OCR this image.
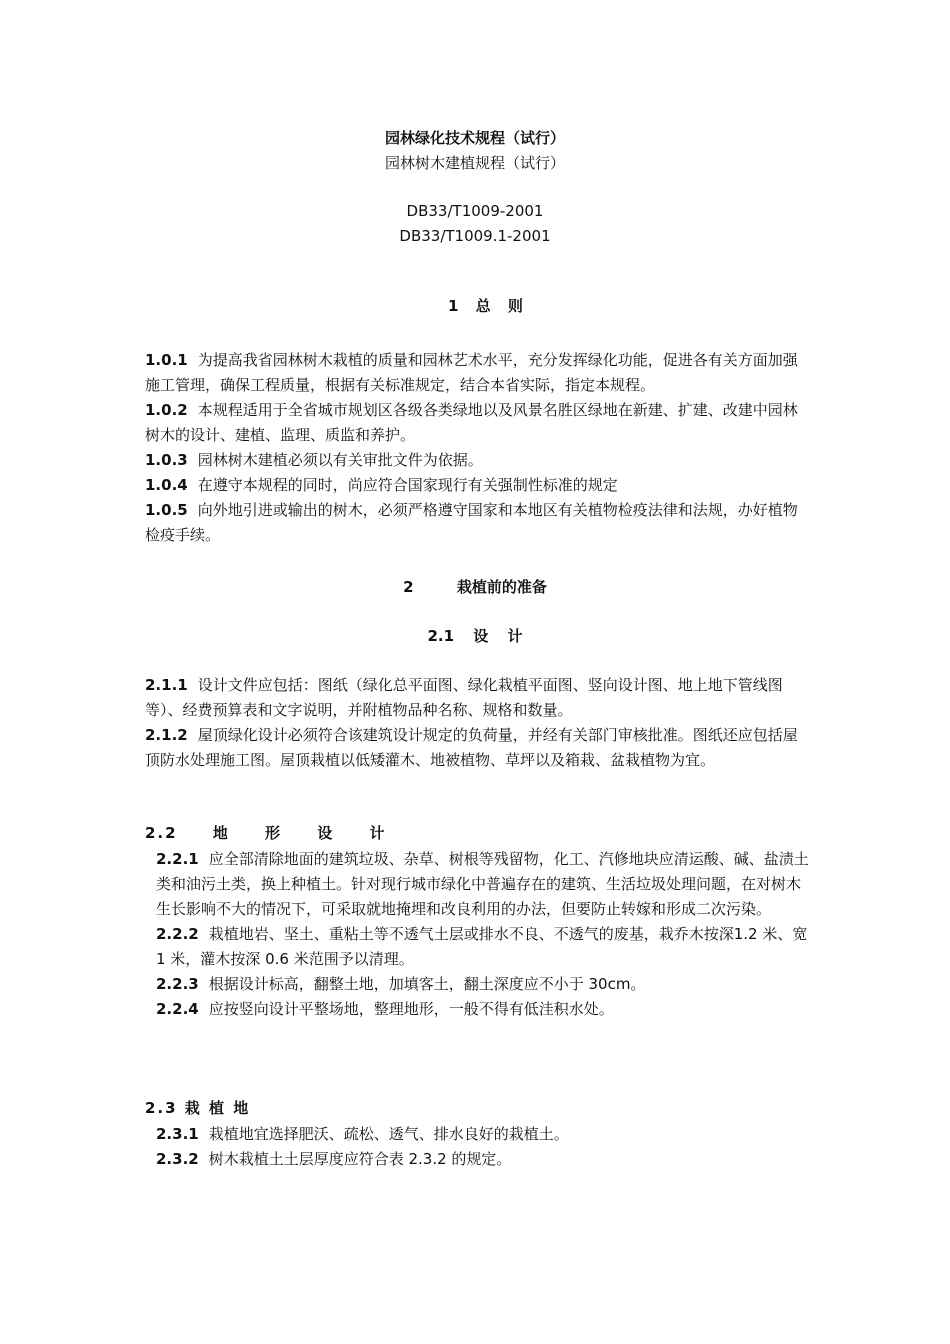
园林绿化技术规程（试行）
园林树木建植规程（试行）
DB33/T1009-2001
DB33/T1009.1-2001

1 总 则

1.0.1 为提高我省园林树木栽植的质量和园林艺术水平，充分发挥绿化功能，促进各有关方面加强施工管理，确保工程质量，根据有关标准规定，结合本省实际，指定本规程。

1.0.2 本规程适用于全省城市规划区各级各类绿地以及风景名胜区绿地在新建、扩建、改建中园林树木的设计、建植、监理、质监和养护。

1.0.3 园林树木建植必须以有关审批文件为依据。

1.0.4 在遵守本规程的同时，尚应符合国家现行有关强制性标准的规定

1.0.5 向外地引进或输出的树木，必须严格遵守国家和本地区有关植物检疫法律和法规，办好植物检疫手续。

2 栽植前的准备
2.1 设 计

2.1.1 设计文件应包括：图纸（绿化总平面图、绿化栽植平面图、竖向设计图、地上地下管线图等）、经费预算表和文字说明，并附植物品种名称、规格和数量。

2.1.2 屋顶绿化设计必须符合该建筑设计规定的负荷量，并经有关部门审核批准。图纸还应包括屋顶防水处理施工图。屋顶栽植以低矮灌木、地被植物、草坪以及箱栽、盆栽植物为宜。

2.2 地 形 设 计

2.2.1 应全部清除地面的建筑垃圾、杂草、树根等残留物，化工、汽修地块应清运酸、碱、盐渍土类和油污土类，换上种植土。针对现行城市绿化中普遍存在的建筑、生活垃圾处理问题，在对树木生长影响不大的情况下，可采取就地掩埋和改良利用的办法，但要防止转嫁和形成二次污染。

2.2.2 栽植地岩、坚土、重粘土等不透气土层或排水不良、不透气的废基，栽乔木按深1.2 米、宽 1 米，灌木按深 0.6 米范围予以清理。

2.2.3 根据设计标高，翻整土地，加填客土，翻土深度应不小于 30cm。

2.2.4 应按竖向设计平整场地，整理地形，一般不得有低洼积水处。

2.3 栽 植 地

2.3.1 栽植地宜选择肥沃、疏松、透气、排水良好的栽植土。

2.3.2 树木栽植土土层厚度应符合表 2.3.2 的规定。
